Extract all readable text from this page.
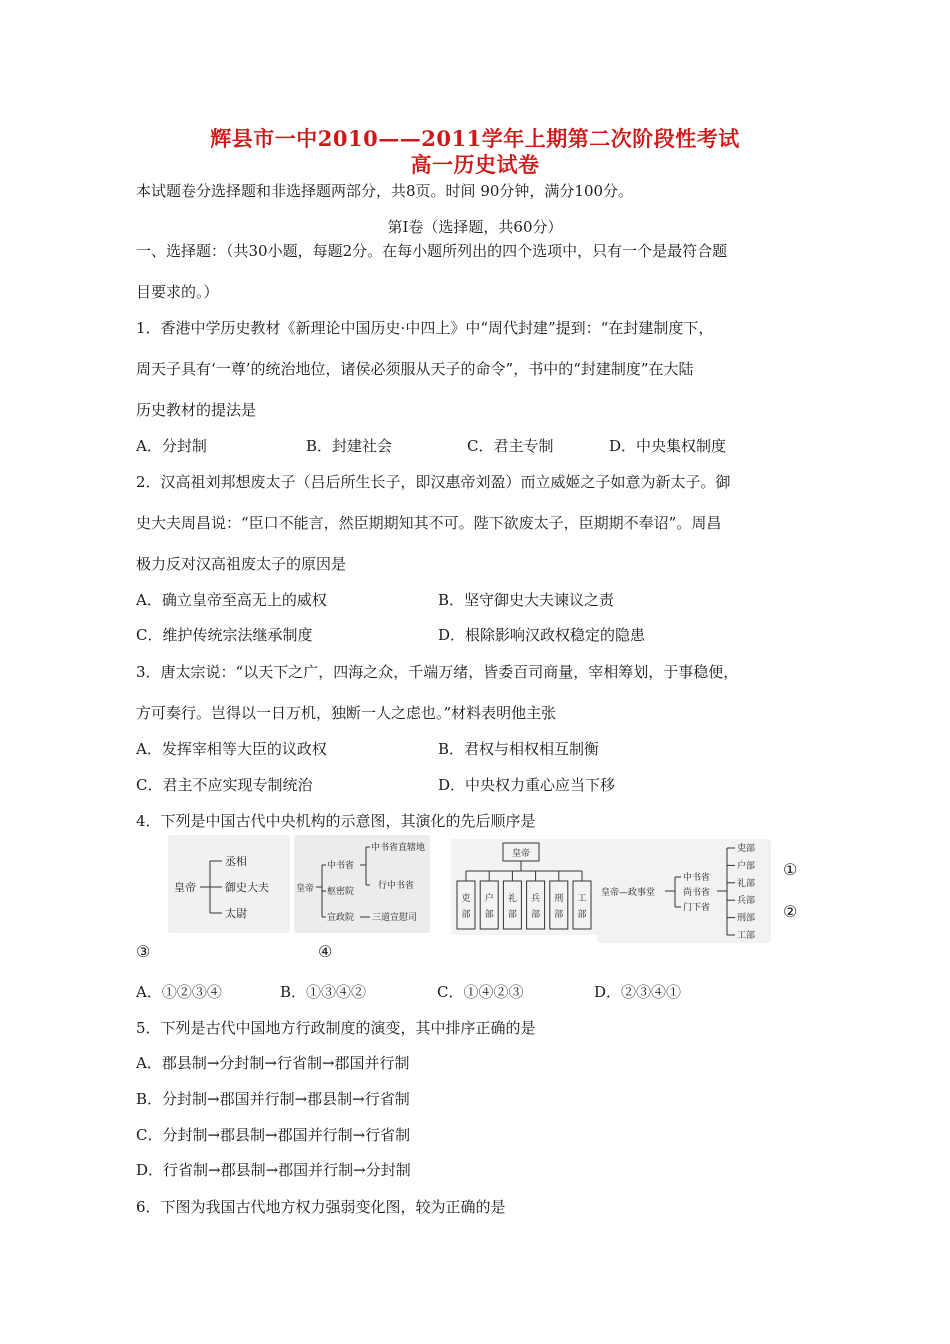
辉县市一中2010——2011学年上期第二次阶段性考试
高一历史试卷
本试题卷分选择题和非选择题两部分，共8页。时间 90分钟，满分100分。
第Ⅰ卷（选择题，共60分）
一、选择题：（共30小题，每题2分。在每小题所列出的四个选项中，只有一个是最符合题
目要求的。）
1．香港中学历史教材《新理论中国历史·中四上》中“周代封建”提到：“在封建制度下，
周天子具有‘一尊’的统治地位，诸侯必须服从天子的命令”，书中的“封建制度”在大陆
历史教材的提法是
A．分封制	B．封建社会	C．君主专制	D．中央集权制度
2．汉高祖刘邦想废太子（吕后所生长子，即汉惠帝刘盈）而立威姬之子如意为新太子。御
史大夫周昌说：“臣口不能言，然臣期期知其不可。陛下欲废太子，臣期期不奉诏”。周昌
极力反对汉高祖废太子的原因是
A．确立皇帝至高无上的威权	B．坚守御史大夫谏议之责
C．维护传统宗法继承制度	D．根除影响汉政权稳定的隐患
3．唐太宗说：“以天下之广，四海之众，千端万绪，皆委百司商量，宰相筹划，于事稳便，
方可奏行。岂得以一日万机，独断一人之虑也。”材料表明他主张
A．发挥宰相等大臣的议政权	B．君权与相权相互制衡
C．君主不应实现专制统治	D．中央权力重心应当下移
4．下列是中国古代中央机构的示意图，其演化的先后顺序是
皇帝
丞相
御史大夫
太尉
皇帝
中书省
枢密院
宣政院
中书省直辖地
行中书省
三道宣慰司
皇帝
吏
部
户
部
礼
部
兵
部
刑
部
工
部
皇帝—政事堂
中书省
尚书省
门下省
吏部
户部
礼部
兵部
刑部
工部
①
②
③	④
A．①②③④	B．①③④②	C．①④②③	D．②③④①
5．下列是古代中国地方行政制度的演变，其中排序正确的是
A．郡县制→分封制→行省制→郡国并行制
B．分封制→郡国并行制→郡县制→行省制
C．分封制→郡县制→郡国并行制→行省制
D．行省制→郡县制→郡国并行制→分封制
6．下图为我国古代地方权力强弱变化图，较为正确的是
